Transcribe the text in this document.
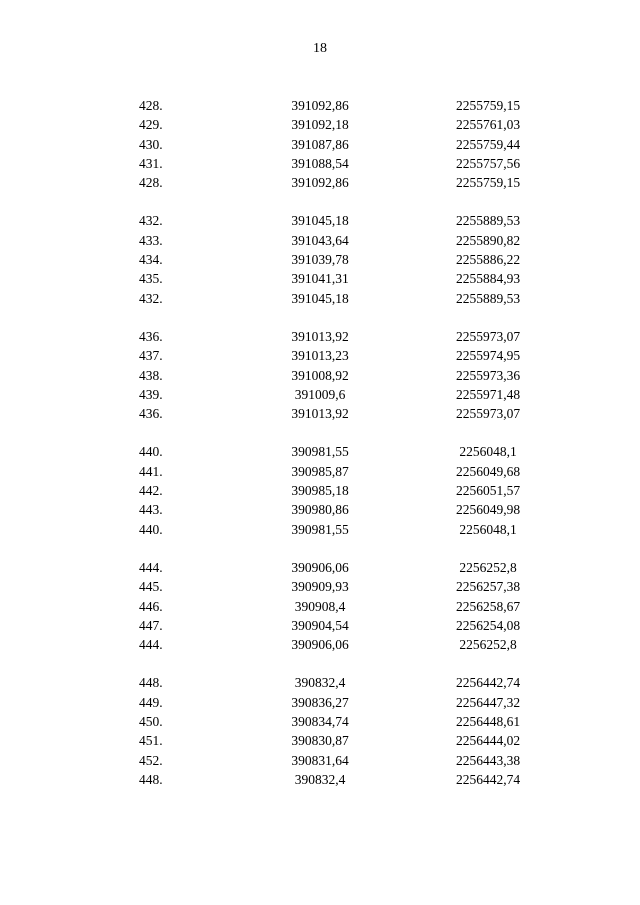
18
428.	391092,86	2255759,15
429.	391092,18	2255761,03
430.	391087,86	2255759,44
431.	391088,54	2255757,56
428.	391092,86	2255759,15
432.	391045,18	2255889,53
433.	391043,64	2255890,82
434.	391039,78	2255886,22
435.	391041,31	2255884,93
432.	391045,18	2255889,53
436.	391013,92	2255973,07
437.	391013,23	2255974,95
438.	391008,92	2255973,36
439.	391009,6	2255971,48
436.	391013,92	2255973,07
440.	390981,55	2256048,1
441.	390985,87	2256049,68
442.	390985,18	2256051,57
443.	390980,86	2256049,98
440.	390981,55	2256048,1
444.	390906,06	2256252,8
445.	390909,93	2256257,38
446.	390908,4	2256258,67
447.	390904,54	2256254,08
444.	390906,06	2256252,8
448.	390832,4	2256442,74
449.	390836,27	2256447,32
450.	390834,74	2256448,61
451.	390830,87	2256444,02
452.	390831,64	2256443,38
448.	390832,4	2256442,74
